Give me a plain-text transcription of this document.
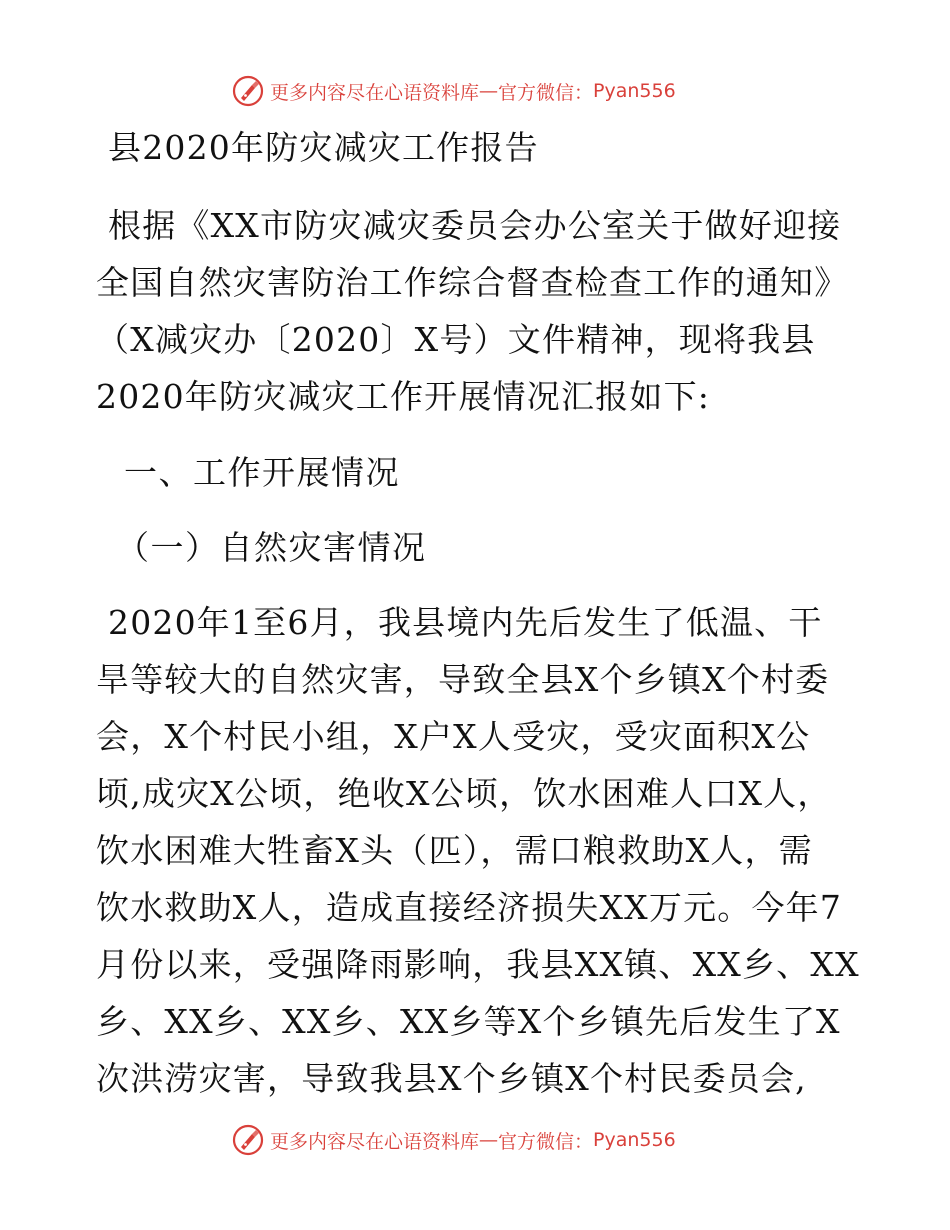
更多内容尽在心语资料库 — 官方微信： Pyan556
县2020年防灾减灾工作报告
根据《XX市防灾减灾委员会办公室关于做好迎接
全国自然灾害防治工作综合督查检查工作的通知》
（X减灾办〔2020〕X号）文件精神，现将我县
2020年防灾减灾工作开展情况汇报如下:
一、工作开展情况
（一）自然灾害情况
2020年1至6月，我县境内先后发生了低温、干
旱等较大的自然灾害，导致全县X个乡镇X个村委
会，X个村民小组，X户X人受灾，受灾面积X公
顷,成灾X公顷，绝收X公顷，饮水困难人口X人，
饮水困难大牲畜X头（匹），需口粮救助X人，需
饮水救助X人，造成直接经济损失XX万元。今年7
月份以来，受强降雨影响，我县XX镇、XX乡、XX
乡、XX乡、XX乡、XX乡等X个乡镇先后发生了X
次洪涝灾害，导致我县X个乡镇X个村民委员会,
更多内容尽在心语资料库 — 官方微信： Pyan556
